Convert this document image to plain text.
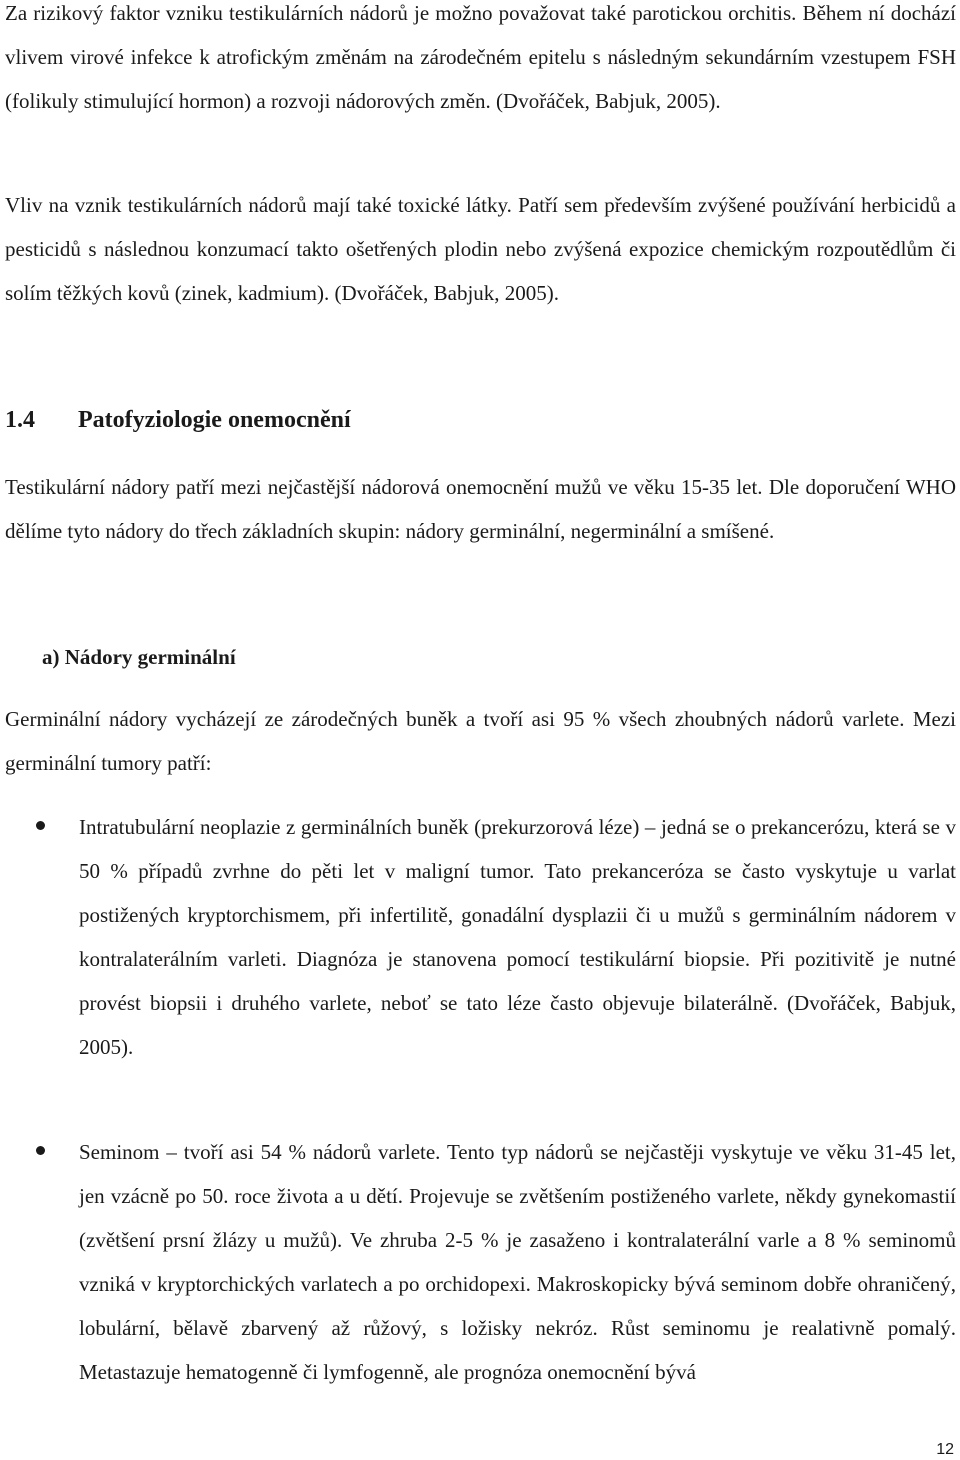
Za rizikový faktor vzniku testikulárních nádorů je možno považovat také parotickou orchitis. Během ní dochází vlivem virové infekce k atrofickým změnám na zárodečném epitelu s následným sekundárním vzestupem FSH (folikuly stimulující hormon) a rozvoji nádorových změn. (Dvořáček, Babjuk, 2005).

Vliv na vznik testikulárních nádorů mají také toxické látky. Patří sem především zvýšené používání herbicidů a pesticidů s následnou konzumací takto ošetřených plodin nebo zvýšená expozice chemickým rozpoutědlům či solím těžkých kovů (zinek, kadmium). (Dvořáček, Babjuk, 2005).

1.4 Patofyziologie onemocnění

Testikulární nádory patří mezi nejčastější nádorová onemocnění mužů ve věku 15-35 let. Dle doporučení WHO dělíme tyto nádory do třech základních skupin: nádory germinální, negerminální a smíšené.

a) Nádory germinální

Germinální nádory vycházejí ze zárodečných buněk a tvoří asi 95 % všech zhoubných nádorů varlete. Mezi germinální tumory patří:

Intratubulární neoplazie z germinálních buněk (prekurzorová léze) – jedná se o prekancerózu, která se v 50 % případů zvrhne do pěti let v maligní tumor. Tato prekanceróza se často vyskytuje u varlat postižených kryptorchismem, při infertilitě, gonadální dysplazii či u mužů s germinálním nádorem v kontralaterálním varleti. Diagnóza je stanovena pomocí testikulární biopsie. Při pozitivitě je nutné provést biopsii i druhého varlete, neboť se tato léze často objevuje bilaterálně. (Dvořáček, Babjuk, 2005).
Seminom – tvoří asi 54 % nádorů varlete. Tento typ nádorů se nejčastěji vyskytuje ve věku 31-45 let, jen vzácně po 50. roce života a u dětí. Projevuje se zvětšením postiženého varlete, někdy gynekomastií (zvětšení prsní žlázy u mužů). Ve zhruba 2-5 % je zasaženo i kontralaterální varle a 8 % seminomů vzniká v kryptorchických varlatech a po orchidopexi. Makroskopicky bývá seminom dobře ohraničený, lobulární, bělavě zbarvený až růžový, s ložisky nekróz. Růst seminomu je realativně pomalý. Metastazuje hematogenně či lymfogenně, ale prognóza onemocnění bývá
12
